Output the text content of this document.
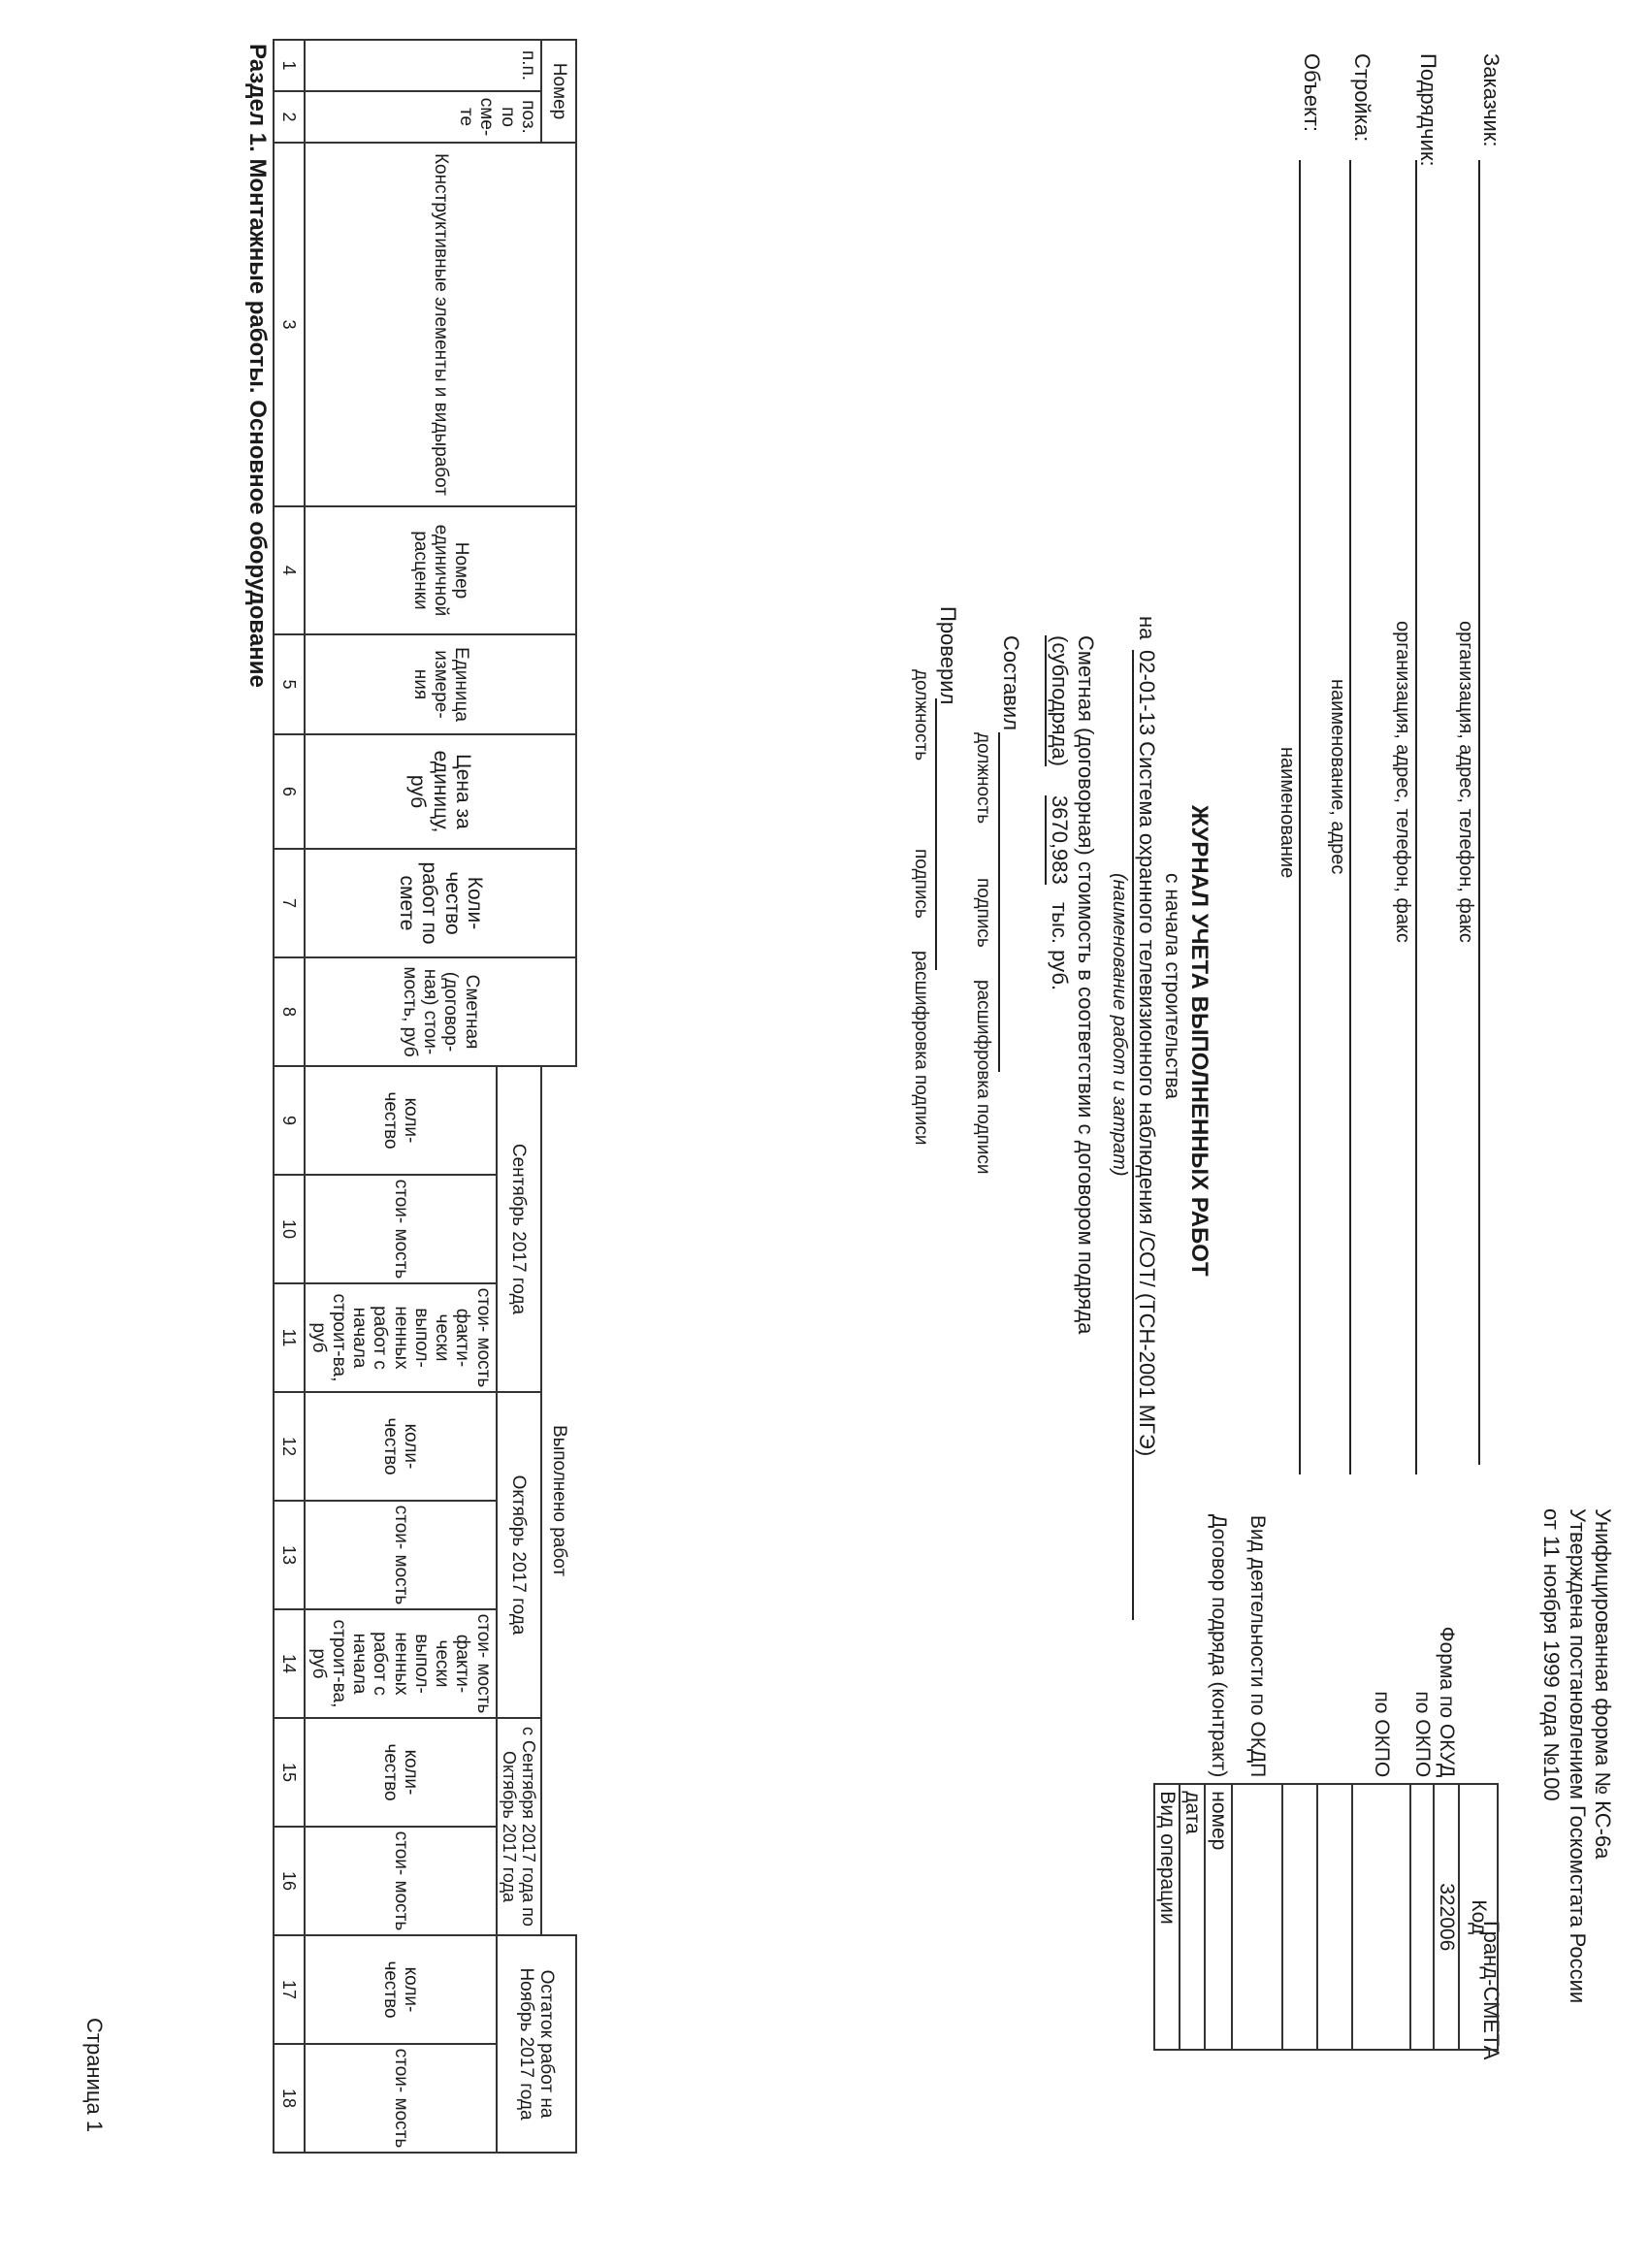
Гранд-СМЕТА
Унифицированная форма № КС-6а
Утверждена постановлением Госкомстата России
от 11 ноября 1999 года №100
	Код
Форма по ОКУД	322006
по ОКПО	
по ОКПО	

Вид деятельности по ОКДП	
Договор подряда (контракт)	номер
	дата
	Вид операции
Заказчик:
организация, адрес, телефон, факс
Подрядчик:
организация, адрес, телефон, факс
Стройка:
наименование, адрес
Объект:
наименование
ЖУРНАЛ УЧЕТА ВЫПОЛНЕННЫХ РАБОТ
с начала строительства
на
02-01-13 Система охранного телевизионного наблюдения /СОТ/ (ТСН-2001 МГЭ)
(наименование работ и затрат)
Сметная (договорная) стоимость в соответствии с договором подряда
(субподряда)
3670,983
тыс. руб.
Составил
должность
подпись
расшифровка подписи
Проверил
должность
подпись
расшифровка подписи
Номер		Конструктивные элементы и видыработ	Номер единичной расценки	Единица измере- ния	Цена за единицу, руб	Коли- чество работ по смете	Сметная (договор- ная) стои- мость, руб	Выполнено работ								Остаток работ на Ноябрь 2017 года	
п.п.	поз. по сме- те							Сентябрь 2017 года			Октябрь 2017 года			с Сентября 2017 года по Октябрь 2017 года			

								коли- чество	стои- мость	стои- мость факти- чески выпол- ненных работ с начала строит-ва, руб	коли- чество	стои- мость	стои- мость факти- чески выпол- ненных работ с начала строит-ва, руб	коли- чество	стои- мость	коли- чество	стои- мость
1	2	3	4	5	6	7	8	9	10	11	12	13	14	15	16	17	18
Раздел 1. Монтажные работы. Основное оборудование																	
Страница 1
